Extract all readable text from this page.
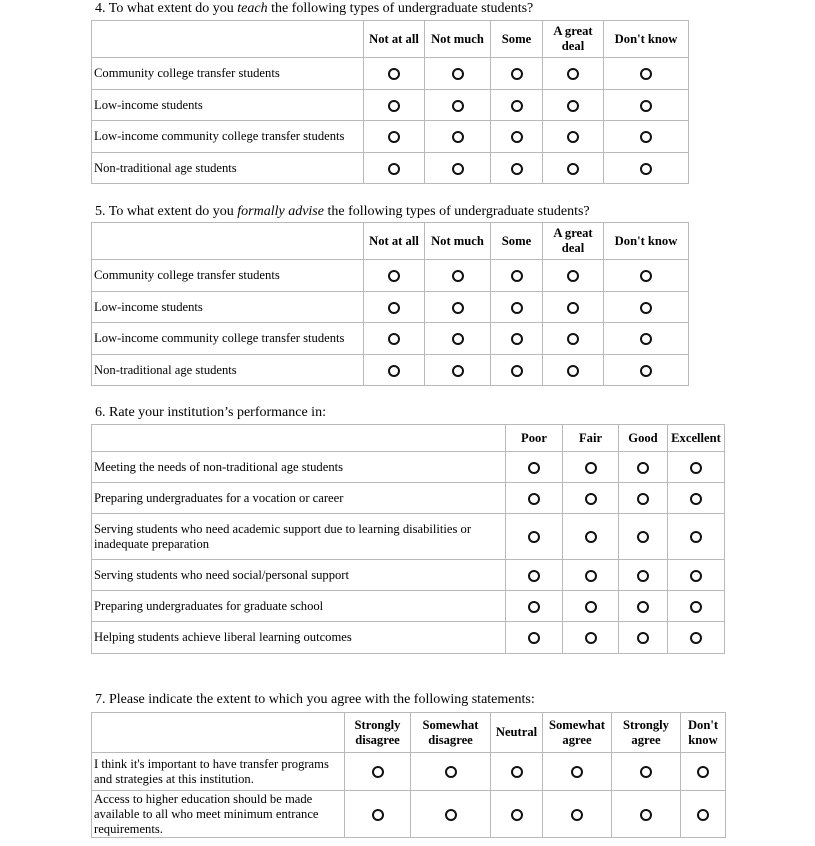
4. To what extent do you teach the following types of undergraduate students?

	Not at all	Not much	Some	A great
deal	Don't know

Community college transfer students					
Low-income students					
Low-income community college transfer students					
Non-traditional age students					
5. To what extent do you formally advise the following types of undergraduate students?

	Not at all	Not much	Some	A great
deal	Don't know

Community college transfer students					
Low-income students					
Low-income community college transfer students					
Non-traditional age students					
6. Rate your institution’s performance in:

	Poor	Fair	Good	Excellent

Meeting the needs of non-traditional age students				
Preparing undergraduates for a vocation or career				
Serving students who need academic support due to learning disabilities or inadequate preparation				
Serving students who need social/personal support				
Preparing undergraduates for graduate school				
Helping students achieve liberal learning outcomes				
7. Please indicate the extent to which you agree with the following statements:

	Strongly
disagree	Somewhat
disagree	Neutral	Somewhat
agree	Strongly
agree	Don't
know

I think it's important to have transfer programs and strategies at this institution.						
Access to higher education should be made available to all who meet minimum entrance requirements.						
